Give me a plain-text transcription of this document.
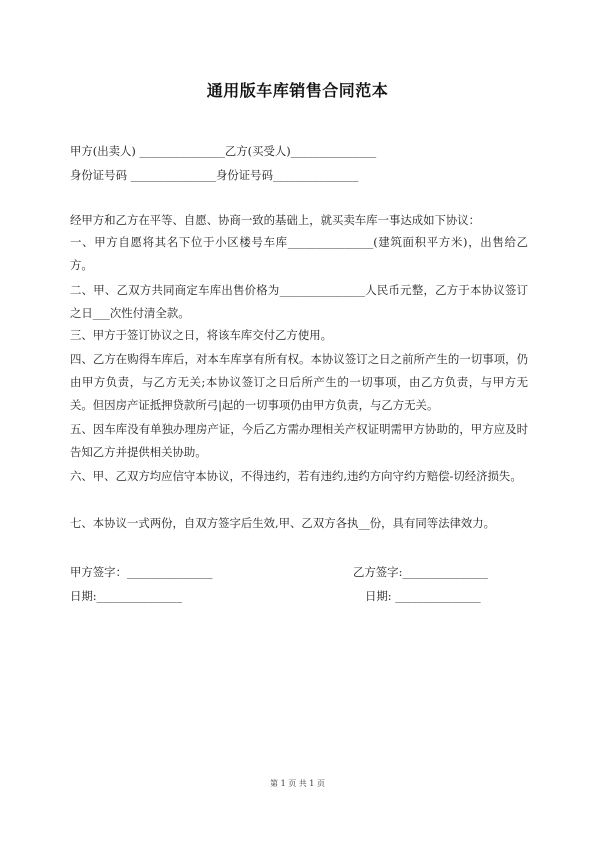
通用版车库销售合同范本
甲方(出卖人) _______________乙方(买受人)_______________
身份证号码 _______________身份证号码_______________
经甲方和乙方在平等、自愿、协商一致的基础上，就买卖车库一事达成如下协议：
一、甲方自愿将其名下位于小区楼号车库_______________(建筑面积平方米)，出售给乙方。
二、甲、乙双方共同商定车库出售价格为_______________人民币元整，乙方于本协议签订之日___次性付清全款。
三、甲方于签订协议之日，将该车库交付乙方使用。
四、乙方在购得车库后，对本车库享有所有权。本协议签订之日之前所产生的一切事项，仍由甲方负责，与乙方无关;本协议签订之日后所产生的一切事项，由乙方负责，与甲方无关。但因房产证抵押贷款所弓|起的一切事项仍由甲方负责，与乙方无关。
五、因车库没有单独办理房产证，今后乙方需办理相关产权证明需甲方协助的，甲方应及时告知乙方并提供相关协助。
六、甲、乙双方均应信守本协议，不得违约，若有违约,违约方向守约方赔偿-切经济损失。
七、本协议一式两份，自双方签字后生效,甲、乙双方各执__份，具有同等法律效力。
甲方签字：_______________	乙方签字:_______________
日期:_______________	日期: _______________
第 1 页 共 1 页
